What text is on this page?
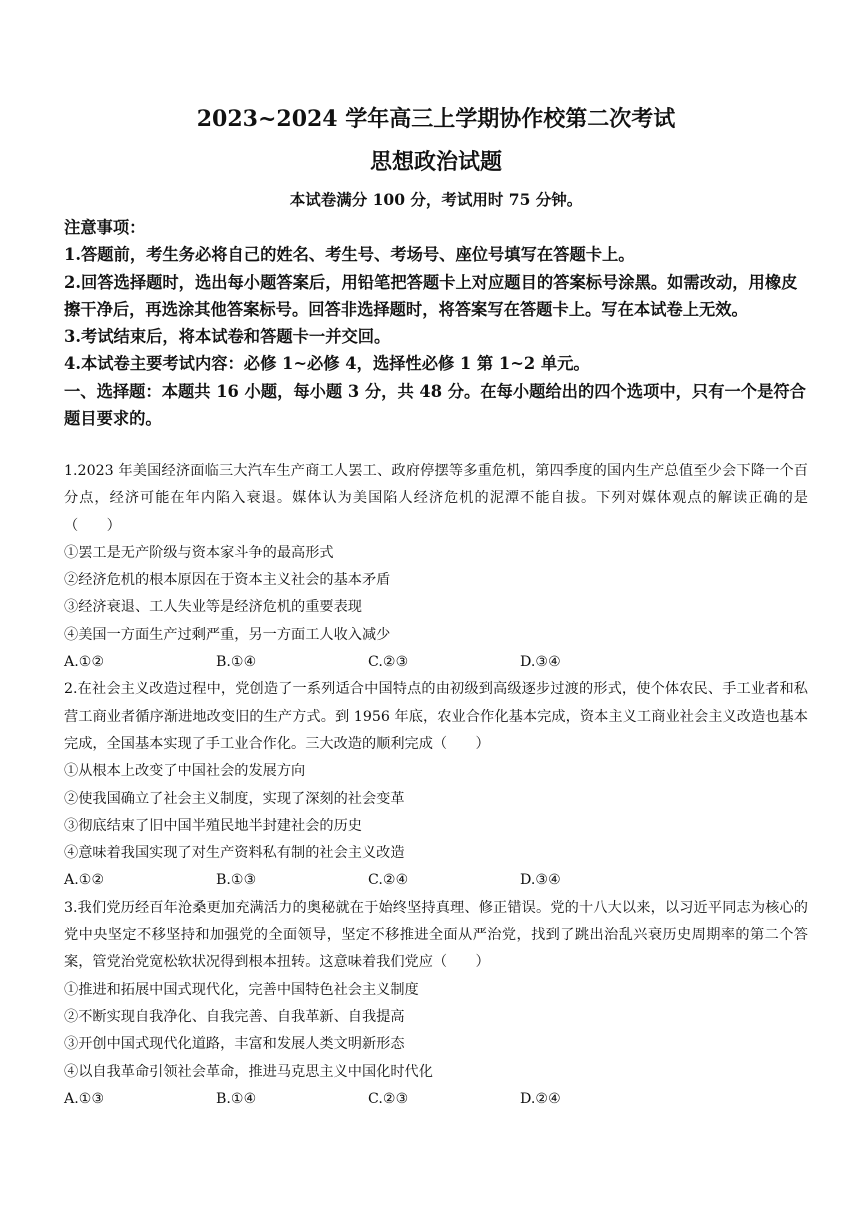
2023~2024 学年高三上学期协作校第二次考试
思想政治试题
本试卷满分 100 分，考试用时 75 分钟。

注意事项：

1.答题前，考生务必将自己的姓名、考生号、考场号、座位号填写在答题卡上。

2.回答选择题时，选出每小题答案后，用铅笔把答题卡上对应题目的答案标号涂黑。如需改动，用橡皮擦干净后，再选涂其他答案标号。回答非选择题时，将答案写在答题卡上。写在本试卷上无效。

3.考试结束后，将本试卷和答题卡一并交回。

4.本试卷主要考试内容：必修 1~必修 4，选择性必修 1 第 1~2 单元。

一、选择题：本题共 16 小题，每小题 3 分，共 48 分。在每小题给出的四个选项中，只有一个是符合题目要求的。

1.2023 年美国经济面临三大汽车生产商工人罢工、政府停摆等多重危机，第四季度的国内生产总值至少会下降一个百分点，经济可能在年内陷入衰退。媒体认为美国陷人经济危机的泥潭不能自拔。下列对媒体观点的解读正确的是（　　）

①罢工是无产阶级与资本家斗争的最高形式

②经济危机的根本原因在于资本主义社会的基本矛盾

③经济衰退、工人失业等是经济危机的重要表现

④美国一方面生产过剩严重，另一方面工人收入减少

A.①②	B.①④	C.②③	D.③④

2.在社会主义改造过程中，党创造了一系列适合中国特点的由初级到高级逐步过渡的形式，使个体农民、手工业者和私营工商业者循序渐进地改变旧的生产方式。到 1956 年底，农业合作化基本完成，资本主义工商业社会主义改造也基本完成，全国基本实现了手工业合作化。三大改造的顺利完成（　　）

①从根本上改变了中国社会的发展方向

②使我国确立了社会主义制度，实现了深刻的社会变革

③彻底结束了旧中国半殖民地半封建社会的历史

④意味着我国实现了对生产资料私有制的社会主义改造

A.①②	B.①③	C.②④	D.③④

3.我们党历经百年沧桑更加充满活力的奥秘就在于始终坚持真理、修正错误。党的十八大以来，以习近平同志为核心的党中央坚定不移坚持和加强党的全面领导，坚定不移推进全面从严治党，找到了跳出治乱兴衰历史周期率的第二个答案，管党治党宽松软状况得到根本扭转。这意味着我们党应（　　）

①推进和拓展中国式现代化，完善中国特色社会主义制度

②不断实现自我净化、自我完善、自我革新、自我提高

③开创中国式现代化道路，丰富和发展人类文明新形态

④以自我革命引领社会革命，推进马克思主义中国化时代化

A.①③	B.①④	C.②③	D.②④
